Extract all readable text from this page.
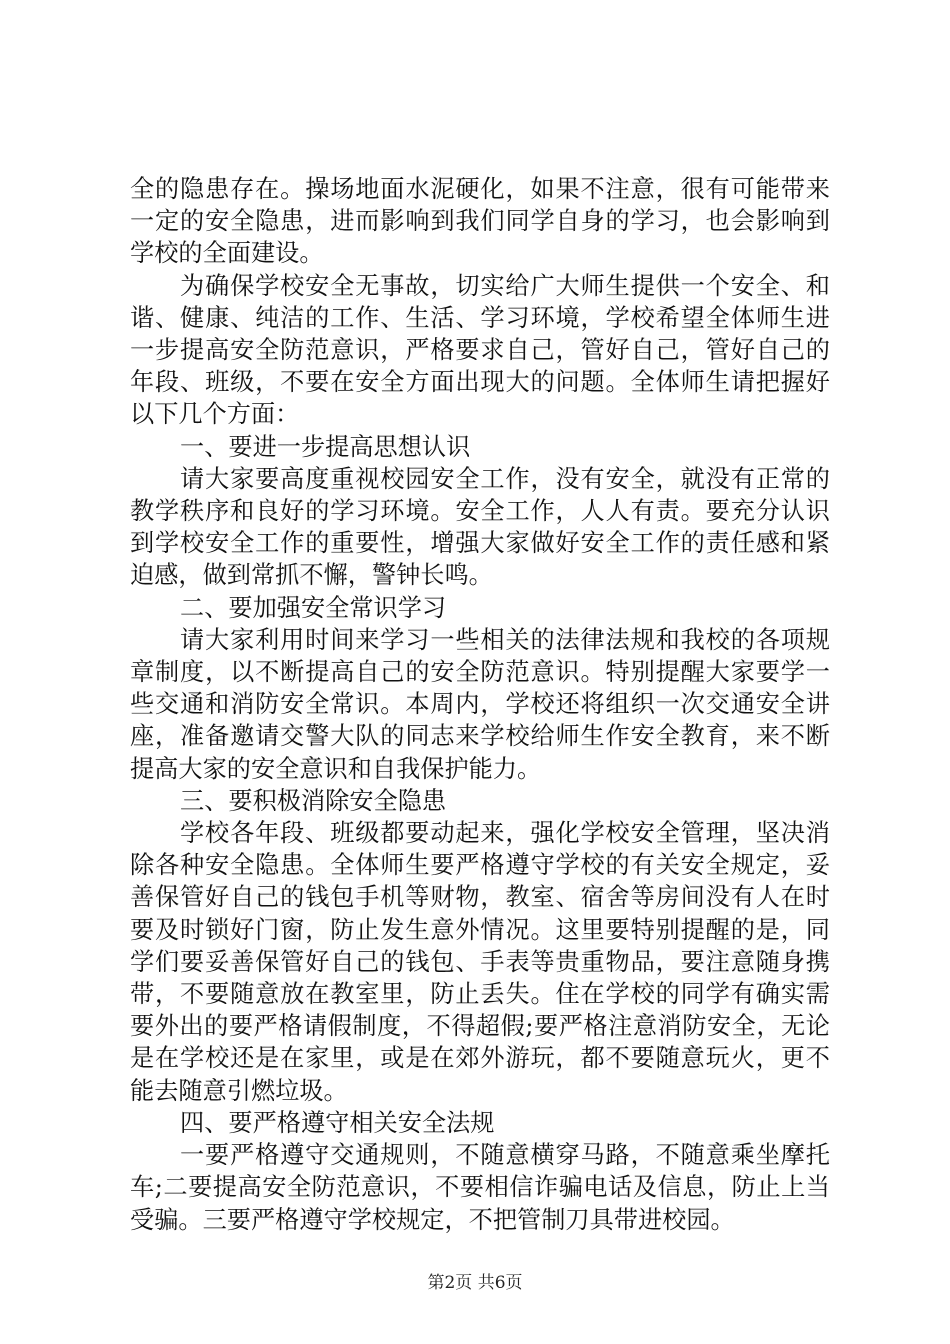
全的隐患存在。操场地面水泥硬化，如果不注意，很有可能带来一定的安全隐患，进而影响到我们同学自身的学习，也会影响到学校的全面建设。

为确保学校安全无事故，切实给广大师生提供一个安全、和谐、健康、纯洁的工作、生活、学习环境，学校希望全体师生进一步提高安全防范意识，严格要求自己，管好自己，管好自己的年段、班级，不要在安全方面出现大的问题。全体师生请把握好以下几个方面：

一、要进一步提高思想认识

请大家要高度重视校园安全工作，没有安全，就没有正常的教学秩序和良好的学习环境。安全工作，人人有责。要充分认识到学校安全工作的重要性，增强大家做好安全工作的责任感和紧迫感，做到常抓不懈，警钟长鸣。

二、要加强安全常识学习

请大家利用时间来学习一些相关的法律法规和我校的各项规章制度，以不断提高自己的安全防范意识。特别提醒大家要学一些交通和消防安全常识。本周内，学校还将组织一次交通安全讲座，准备邀请交警大队的同志来学校给师生作安全教育，来不断提高大家的安全意识和自我保护能力。

三、要积极消除安全隐患

学校各年段、班级都要动起来，强化学校安全管理，坚决消除各种安全隐患。全体师生要严格遵守学校的有关安全规定，妥善保管好自己的钱包手机等财物，教室、宿舍等房间没有人在时要及时锁好门窗，防止发生意外情况。这里要特别提醒的是，同学们要妥善保管好自己的钱包、手表等贵重物品，要注意随身携带，不要随意放在教室里，防止丢失。住在学校的同学有确实需要外出的要严格请假制度，不得超假;要严格注意消防安全，无论是在学校还是在家里，或是在郊外游玩，都不要随意玩火，更不能去随意引燃垃圾。

四、要严格遵守相关安全法规

一要严格遵守交通规则，不随意横穿马路，不随意乘坐摩托车;二要提高安全防范意识，不要相信诈骗电话及信息，防止上当受骗。三要严格遵守学校规定，不把管制刀具带进校园。

第2页 共6页
